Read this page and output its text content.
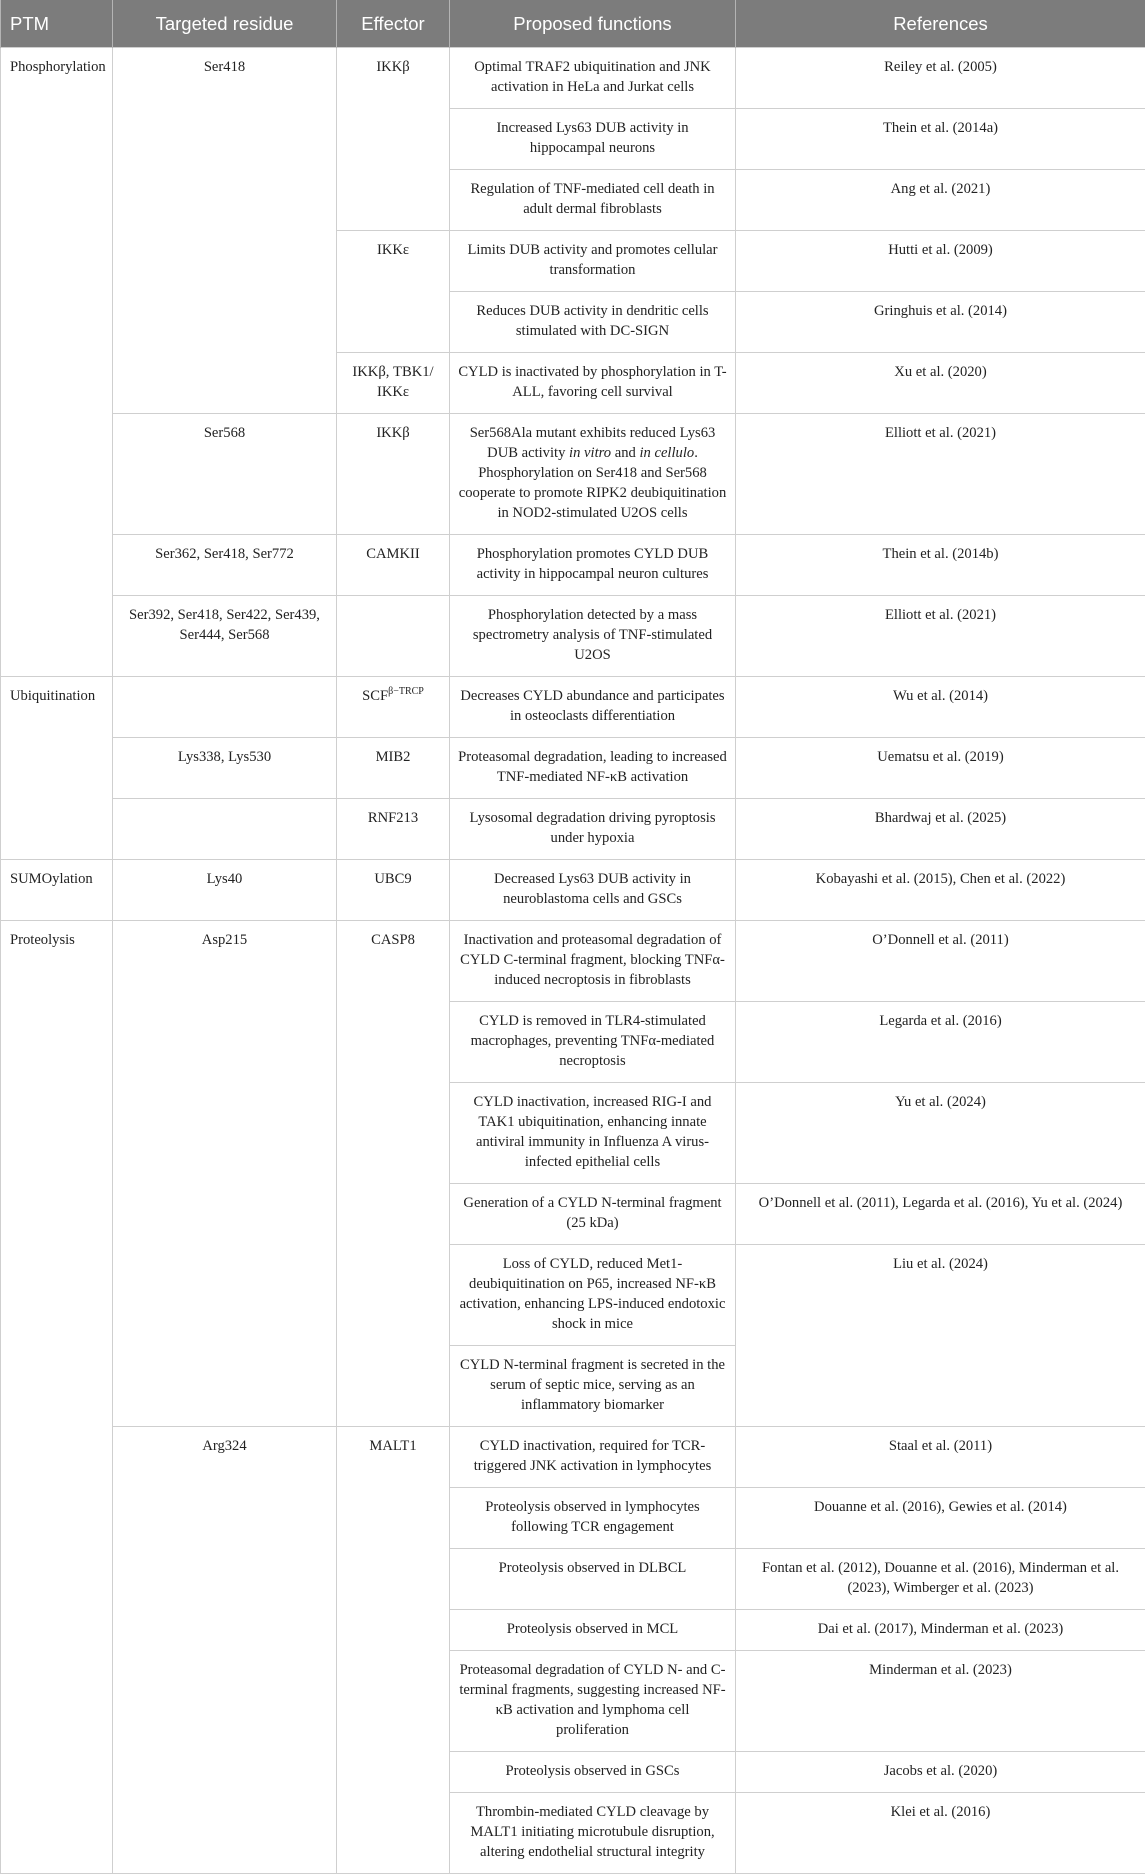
PTM	Targeted residue	Effector	Proposed functions	References
Phosphorylation	Ser418	IKKβ	Optimal TRAF2 ubiquitination and JNK activation in HeLa and Jurkat cells	Reiley et al. (2005)
			Increased Lys63 DUB activity in hippocampal neurons	Thein et al. (2014a)
			Regulation of TNF-mediated cell death in adult dermal fibroblasts	Ang et al. (2021)
		IKKε	Limits DUB activity and promotes cellular transformation	Hutti et al. (2009)
			Reduces DUB activity in dendritic cells stimulated with DC-SIGN	Gringhuis et al. (2014)
		IKKβ, TBK1/ IKKε	CYLD is inactivated by phosphorylation in T-ALL, favoring cell survival	Xu et al. (2020)
	Ser568	IKKβ	Ser568Ala mutant exhibits reduced Lys63 DUB activity in vitro and in cellulo. Phosphorylation on Ser418 and Ser568 cooperate to promote RIPK2 deubiquitination in NOD2-stimulated U2OS cells	Elliott et al. (2021)
	Ser362, Ser418, Ser772	CAMKII	Phosphorylation promotes CYLD DUB activity in hippocampal neuron cultures	Thein et al. (2014b)
	Ser392, Ser418, Ser422, Ser439, Ser444, Ser568		Phosphorylation detected by a mass spectrometry analysis of TNF-stimulated U2OS	Elliott et al. (2021)
Ubiquitination		$SCF^{\beta-TRCP}$	Decreases CYLD abundance and participates in osteoclasts differentiation	Wu et al. (2014)
	Lys338, Lys530	MIB2	Proteasomal degradation, leading to increased TNF-mediated NF-κB activation	Uematsu et al. (2019)
		RNF213	Lysosomal degradation driving pyroptosis under hypoxia	Bhardwaj et al. (2025)
SUMOylation	Lys40	UBC9	Decreased Lys63 DUB activity in neuroblastoma cells and GSCs	Kobayashi et al. (2015), Chen et al. (2022)
Proteolysis	Asp215	CASP8	Inactivation and proteasomal degradation of CYLD C-terminal fragment, blocking TNFα-induced necroptosis in fibroblasts	O’Donnell et al. (2011)
			CYLD is removed in TLR4-stimulated macrophages, preventing TNFα-mediated necroptosis	Legarda et al. (2016)
			CYLD inactivation, increased RIG-I and TAK1 ubiquitination, enhancing innate antiviral immunity in Influenza A virus-infected epithelial cells	Yu et al. (2024)
			Generation of a CYLD N-terminal fragment (25 kDa)	O’Donnell et al. (2011), Legarda et al. (2016), Yu et al. (2024)
			Loss of CYLD, reduced Met1-deubiquitination on P65, increased NF-κB activation, enhancing LPS-induced endotoxic shock in mice	Liu et al. (2024)
			CYLD N-terminal fragment is secreted in the serum of septic mice, serving as an inflammatory biomarker	
	Arg324	MALT1	CYLD inactivation, required for TCR-triggered JNK activation in lymphocytes	Staal et al. (2011)
			Proteolysis observed in lymphocytes following TCR engagement	Douanne et al. (2016), Gewies et al. (2014)
			Proteolysis observed in DLBCL	Fontan et al. (2012), Douanne et al. (2016), Minderman et al. (2023), Wimberger et al. (2023)
			Proteolysis observed in MCL	Dai et al. (2017), Minderman et al. (2023)
			Proteasomal degradation of CYLD N- and C-terminal fragments, suggesting increased NF-κB activation and lymphoma cell proliferation	Minderman et al. (2023)
			Proteolysis observed in GSCs	Jacobs et al. (2020)
			Thrombin-mediated CYLD cleavage by MALT1 initiating microtubule disruption, altering endothelial structural integrity	Klei et al. (2016)
